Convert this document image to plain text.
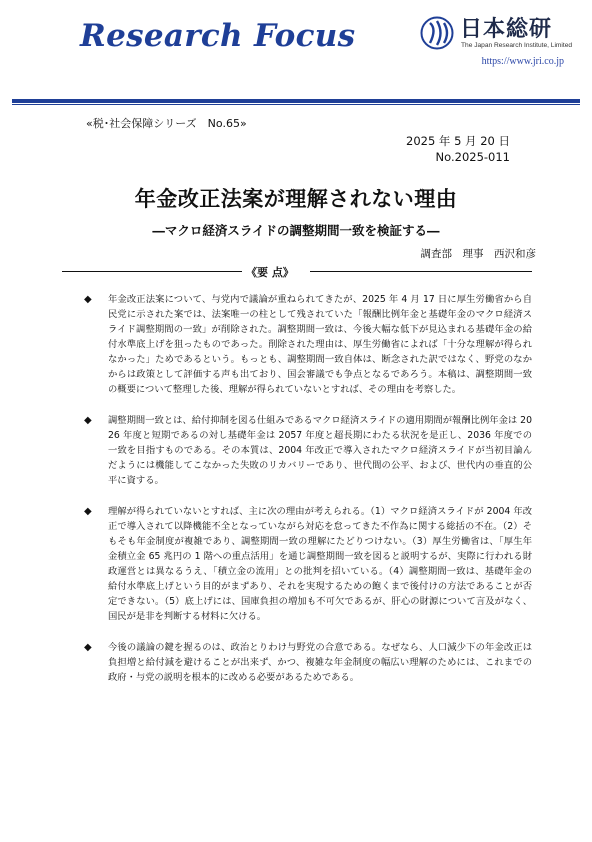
Research Focus	日本総研
The Japan Research Institute, Limited
https://www.jri.co.jp
«税･社会保障シリーズ　No.65»
2025 年 5 月 20 日
No.2025-011
年金改正法案が理解されない理由
―マクロ経済スライドの調整期間一致を検証する―
調査部　理事　西沢和彦
《要 点》
◆ 年金改正法案について、与党内で議論が重ねられてきたが、2025 年 4 月 17 日に厚生労働省から自民党に示された案では、法案唯一の柱として残されていた「報酬比例年金と基礎年金のマクロ経済スライド調整期間の一致」が削除された。調整期間一致は、今後大幅な低下が見込まれる基礎年金の給付水準底上げを狙ったものであった。削除された理由は、厚生労働省によれば「十分な理解が得られなかった」ためであるという。もっとも、調整期間一致自体は、断念された訳ではなく、野党のなかからは政策として評価する声も出ており、国会審議でも争点となるであろう。本稿は、調整期間一致の概要について整理した後、理解が得られていないとすれば、その理由を考察した。
◆ 調整期間一致とは、給付抑制を図る仕組みであるマクロ経済スライドの適用期間が報酬比例年金は 2026 年度と短期であるの対し基礎年金は 2057 年度と超長期にわたる状況を是正し、2036 年度での一致を目指すものである。その本質は、2004 年改正で導入されたマクロ経済スライドが当初目論んだようには機能してこなかった失敗のリカバリーであり、世代間の公平、および、世代内の垂直的公平に資する。
◆ 理解が得られていないとすれば、主に次の理由が考えられる。（1）マクロ経済スライドが 2004 年改正で導入されて以降機能不全となっていながら対応を怠ってきた不作為に関する総括の不在。（2）そもそも年金制度が複雑であり、調整期間一致の理解にたどりつけない。（3）厚生労働省は、「厚生年金積立金 65 兆円の 1 階への重点活用」を通じ調整期間一致を図ると説明するが、実際に行われる財政運営とは異なるうえ、「積立金の流用」との批判を招いている。（4）調整期間一致は、基礎年金の給付水準底上げという目的がまずあり、それを実現するための飽くまで後付けの方法であることが否定できない。（5）底上げには、国庫負担の増加も不可欠であるが、肝心の財源について言及がなく、国民が是非を判断する材料に欠ける。
◆ 今後の議論の鍵を握るのは、政治とりわけ与野党の合意である。なぜなら、人口減少下の年金改正は負担増と給付減を避けることが出来ず、かつ、複雑な年金制度の幅広い理解のためには、これまでの政府・与党の説明を根本的に改める必要があるためである。
